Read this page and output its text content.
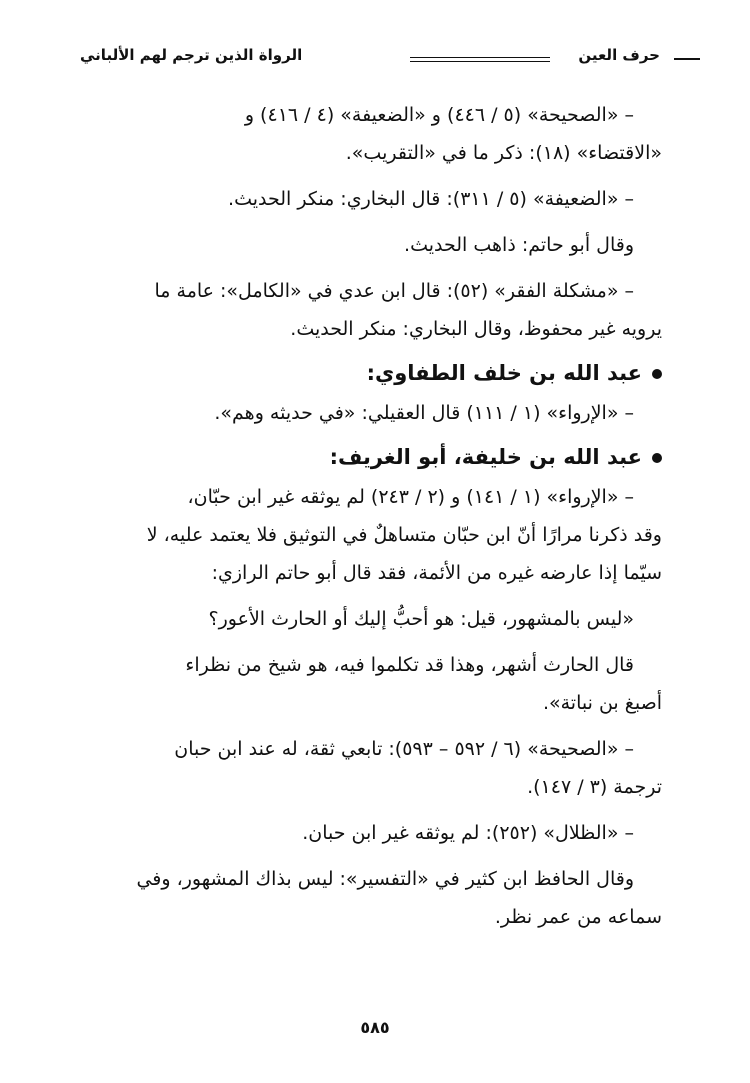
حرف العين
الرواة الذين ترجم لهم الألباني
– «الصحيحة» (٥ / ٤٤٦) و «الضعيفة» (٤ / ٤١٦) و
«الاقتضاء» (١٨): ذكر ما في «التقريب».
– «الضعيفة» (٥ / ٣١١): قال البخاري: منكر الحديث.
وقال أبو حاتم: ذاهب الحديث.
– «مشكلة الفقر» (٥٢): قال ابن عدي في «الكامل»: عامة ما
يرويه غير محفوظ، وقال البخاري: منكر الحديث.
عبد الله بن خلف الطفاوي:
– «الإرواء» (١ / ١١١) قال العقيلي: «في حديثه وهم».
عبد الله بن خليفة، أبو الغريف:
– «الإرواء» (١ / ١٤١) و (٢ / ٢٤٣) لم يوثقه غير ابن حبّان،
وقد ذكرنا مرارًا أنّ ابن حبّان متساهلٌ في التوثيق فلا يعتمد عليه، لا
سيّما إذا عارضه غيره من الأئمة، فقد قال أبو حاتم الرازي:
«ليس بالمشهور، قيل: هو أحبُّ إليك أو الحارث الأعور؟
قال الحارث أشهر، وهذا قد تكلموا فيه، هو شيخ من نظراء
أصبغ بن نباتة».
– «الصحيحة» (٦ / ٥٩٢ – ٥٩٣): تابعي ثقة، له عند ابن حبان
ترجمة (٣ / ١٤٧).
– «الظلال» (٢٥٢): لم يوثقه غير ابن حبان.
وقال الحافظ ابن كثير في «التفسير»: ليس بذاك المشهور، وفي
سماعه من عمر نظر.
٥٨٥
